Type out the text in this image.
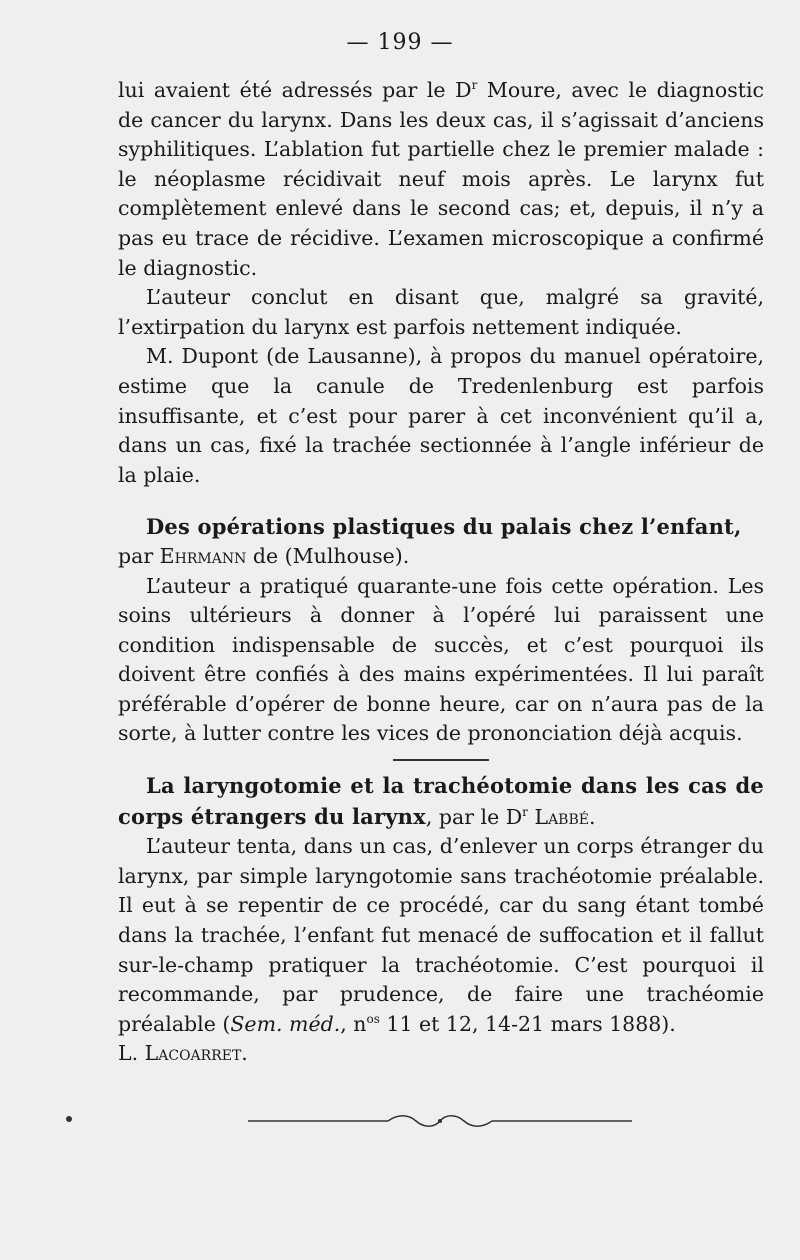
— 199 —

lui avaient été adressés par le $D^r$ Moure, avec le diagnostic de cancer du larynx. Dans les deux cas, il s’agissait d’anciens syphilitiques. L’ablation fut partielle chez le premier malade : le néoplasme récidivait neuf mois après. Le larynx fut complètement enlevé dans le second cas; et, depuis, il n’y a pas eu trace de récidive. L’examen microscopique a confirmé le diagnostic.

L’auteur conclut en disant que, malgré sa gravité, l’extirpation du larynx est parfois nettement indiquée.

M. Dupont (de Lausanne), à propos du manuel opératoire, estime que la canule de Tredenlenburg est parfois insuffisante, et c’est pour parer à cet inconvénient qu’il a, dans un cas, fixé la trachée sectionnée à l’angle inférieur de la plaie.

Des opérations plastiques du palais chez l’enfant,

par Ehrmann de (Mulhouse).

L’auteur a pratiqué quarante-une fois cette opération. Les soins ultérieurs à donner à l’opéré lui paraissent une condition indispensable de succès, et c’est pourquoi ils doivent être confiés à des mains expérimentées. Il lui paraît préférable d’opérer de bonne heure, car on n’aura pas de la sorte, à lutter contre les vices de prononciation déjà acquis.

La laryngotomie et la trachéotomie dans les cas de corps étrangers du larynx, par le $D^r$ Labbé.

L’auteur tenta, dans un cas, d’enlever un corps étranger du larynx, par simple laryngotomie sans trachéotomie préalable. Il eut à se repentir de ce procédé, car du sang étant tombé dans la trachée, l’enfant fut menacé de suffocation et il fallut sur-le-champ pratiquer la trachéotomie. C’est pourquoi il recommande, par prudence, de faire une trachéomie préalable (Sem. méd., $n^{os}$ 11 et 12, 14-21 mars 1888).

L. Lacoarret.
